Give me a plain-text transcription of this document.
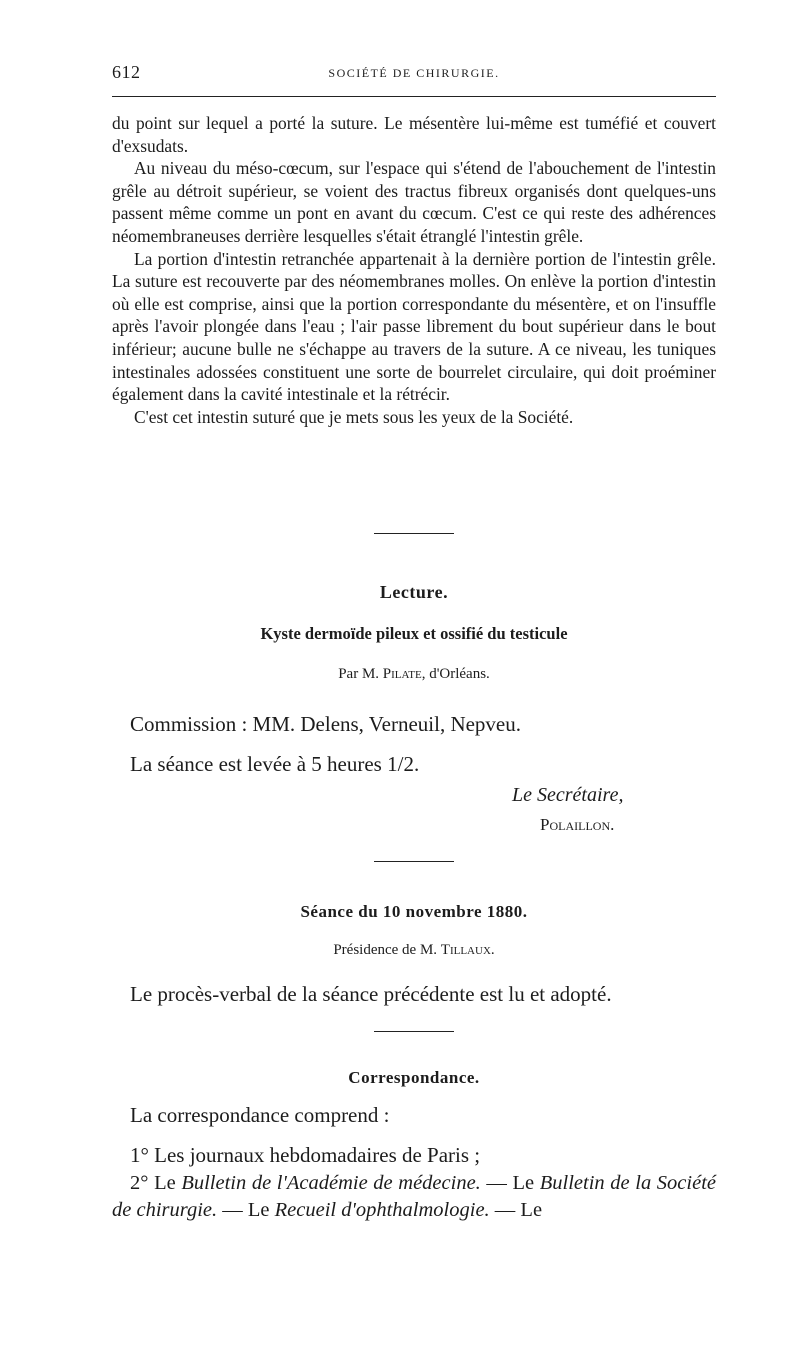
612	SOCIÉTÉ DE CHIRURGIE.

du point sur lequel a porté la suture. Le mésentère lui-même est tuméfié et couvert d'exsudats.

Au niveau du méso-cœcum, sur l'espace qui s'étend de l'abouchement de l'intestin grêle au détroit supérieur, se voient des tractus fibreux organisés dont quelques-uns passent même comme un pont en avant du cœcum. C'est ce qui reste des adhérences néomembraneuses derrière lesquelles s'était étranglé l'intestin grêle.

La portion d'intestin retranchée appartenait à la dernière portion de l'intestin grêle. La suture est recouverte par des néomembranes molles. On enlève la portion d'intestin où elle est comprise, ainsi que la portion correspondante du mésentère, et on l'insuffle après l'avoir plongée dans l'eau ; l'air passe librement du bout supérieur dans le bout inférieur; aucune bulle ne s'échappe au travers de la suture. A ce niveau, les tuniques intestinales adossées constituent une sorte de bourrelet circulaire, qui doit proéminer également dans la cavité intestinale et la rétrécir.

C'est cet intestin suturé que je mets sous les yeux de la Société.

Lecture.
Kyste dermoïde pileux et ossifié du testicule
Par M. Pilate, d'Orléans.
Commission : MM. Delens, Verneuil, Nepveu.
La séance est levée à 5 heures 1/2.
Le Secrétaire,
Polaillon.
Séance du 10 novembre 1880.
Présidence de M. Tillaux.
Le procès-verbal de la séance précédente est lu et adopté.
Correspondance.
La correspondance comprend :
1° Les journaux hebdomadaires de Paris ;

2° Le Bulletin de l'Académie de médecine. — Le Bulletin de la Société de chirurgie. — Le Recueil d'ophthalmologie. — Le
